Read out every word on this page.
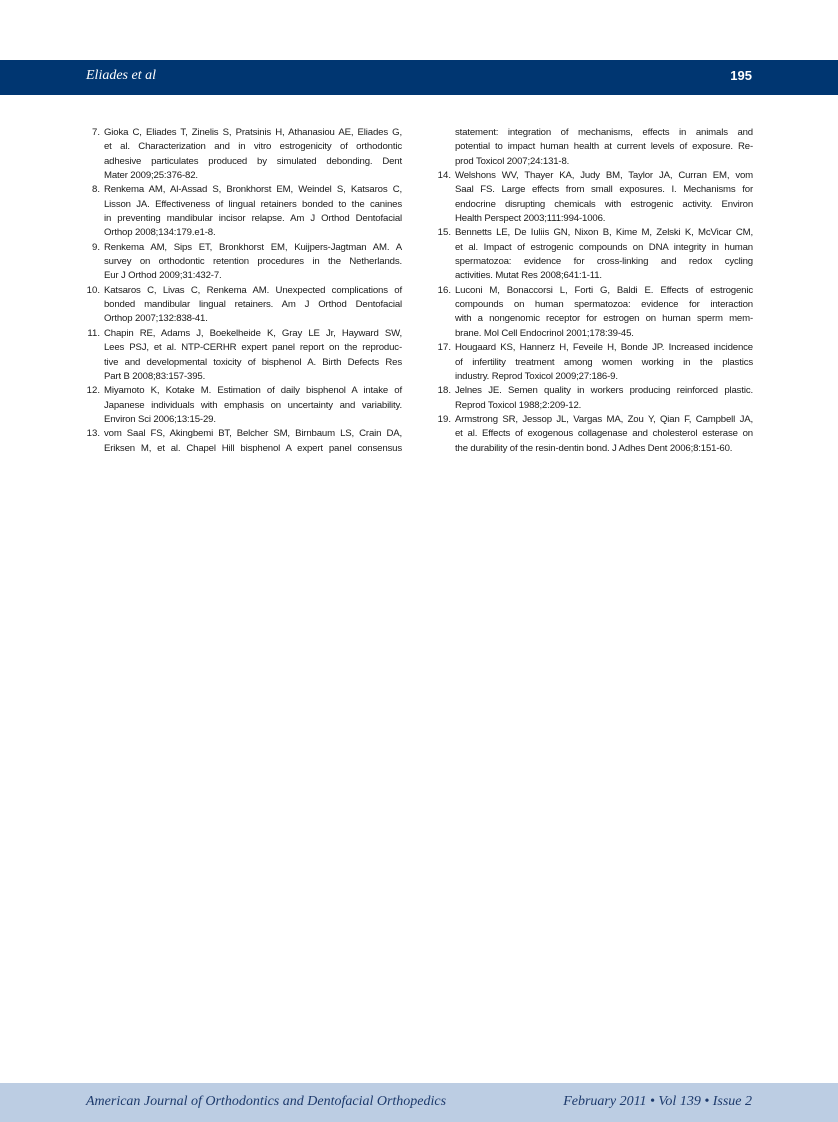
Eliades et al	195
7. Gioka C, Eliades T, Zinelis S, Pratsinis H, Athanasiou AE, Eliades G,
et al. Characterization and in vitro estrogenicity of orthodontic
adhesive particulates produced by simulated debonding. Dent
Mater 2009;25:376-82.
8. Renkema AM, Al-Assad S, Bronkhorst EM, Weindel S, Katsaros C,
Lisson JA. Effectiveness of lingual retainers bonded to the canines
in preventing mandibular incisor relapse. Am J Orthod Dentofacial
Orthop 2008;134:179.e1-8.
9. Renkema AM, Sips ET, Bronkhorst EM, Kuijpers-Jagtman AM. A
survey on orthodontic retention procedures in the Netherlands.
Eur J Orthod 2009;31:432-7.
10. Katsaros C, Livas C, Renkema AM. Unexpected complications of
bonded mandibular lingual retainers. Am J Orthod Dentofacial
Orthop 2007;132:838-41.
11. Chapin RE, Adams J, Boekelheide K, Gray LE Jr, Hayward SW,
Lees PSJ, et al. NTP-CERHR expert panel report on the reproduc-
tive and developmental toxicity of bisphenol A. Birth Defects Res
Part B 2008;83:157-395.
12. Miyamoto K, Kotake M. Estimation of daily bisphenol A intake of
Japanese individuals with emphasis on uncertainty and variability.
Environ Sci 2006;13:15-29.
13. vom Saal FS, Akingbemi BT, Belcher SM, Birnbaum LS, Crain DA,
Eriksen M, et al. Chapel Hill bisphenol A expert panel consensus
statement: integration of mechanisms, effects in animals and
potential to impact human health at current levels of exposure. Re-
prod Toxicol 2007;24:131-8.
14. Welshons WV, Thayer KA, Judy BM, Taylor JA, Curran EM, vom
Saal FS. Large effects from small exposures. I. Mechanisms for
endocrine disrupting chemicals with estrogenic activity. Environ
Health Perspect 2003;111:994-1006.
15. Bennetts LE, De Iuliis GN, Nixon B, Kime M, Zelski K, McVicar CM,
et al. Impact of estrogenic compounds on DNA integrity in human
spermatozoa: evidence for cross-linking and redox cycling
activities. Mutat Res 2008;641:1-11.
16. Luconi M, Bonaccorsi L, Forti G, Baldi E. Effects of estrogenic
compounds on human spermatozoa: evidence for interaction
with a nongenomic receptor for estrogen on human sperm mem-
brane. Mol Cell Endocrinol 2001;178:39-45.
17. Hougaard KS, Hannerz H, Feveile H, Bonde JP. Increased incidence
of infertility treatment among women working in the plastics
industry. Reprod Toxicol 2009;27:186-9.
18. Jelnes JE. Semen quality in workers producing reinforced plastic.
Reprod Toxicol 1988;2:209-12.
19. Armstrong SR, Jessop JL, Vargas MA, Zou Y, Qian F, Campbell JA,
et al. Effects of exogenous collagenase and cholesterol esterase on
the durability of the resin-dentin bond. J Adhes Dent 2006;8:151-60.
American Journal of Orthodontics and Dentofacial Orthopedics	February 2011 • Vol 139 • Issue 2
